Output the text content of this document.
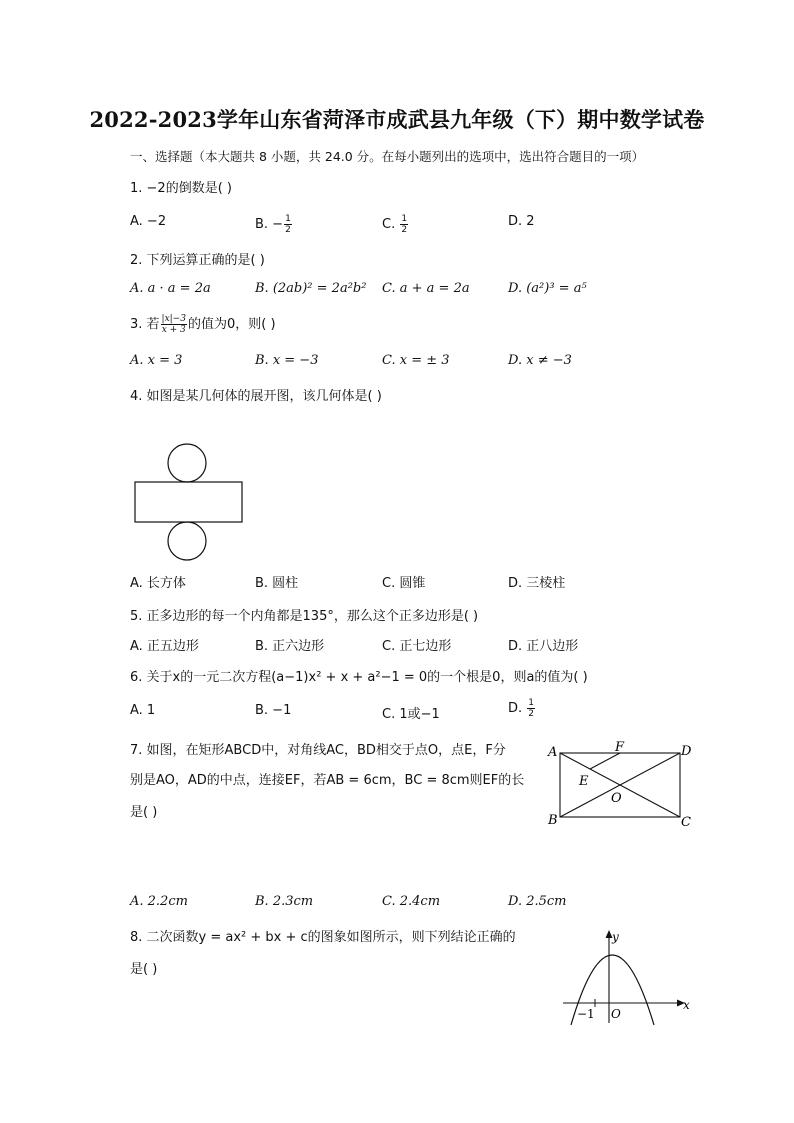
2022-2023学年山东省菏泽市成武县九年级（下）期中数学试卷
一、选择题（本大题共 8 小题，共 24.0 分。在每小题列出的选项中，选出符合题目的一项）
1. −2的倒数是( )
A. −2	B. − $\frac{1}{2}$	C. $\frac{1}{2}$	D. 2
2. 下列运算正确的是( )
A. a · a = 2a	B. (2ab)² = 2a²b² C. a + a = 2a	D. (a²)³ = a⁵
3. 若 $\frac{|x|-3}{x + 3}$ 的值为0，则( )
A. x = 3	B. x = −3	C. x = ± 3	D. x ≠ −3
4. 如图是某几何体的展开图，该几何体是( )
A. 长方体	B. 圆柱	C. 圆锥	D. 三棱柱
5. 正多边形的每一个内角都是135°，那么这个正多边形是( )
A. 正五边形	B. 正六边形	C. 正七边形	D. 正八边形
6. 关于x的一元二次方程(a−1)x² + x + a²−1 = 0的一个根是0，则a的值为( )
A. 1	B. −1	C. 1或−1	D. $\frac{1}{2}$
7. 如图，在矩形ABCD中，对角线AC，BD相交于点O，点E，F分
别是AO，AD的中点，连接EF，若AB = 6cm，BC = 8cm则EF的长
是( )
A
B	C
D
E
F
O
A. 2.2cm	B. 2.3cm	C. 2.4cm	D. 2.5cm
8. 二次函数y = ax² + bx + c的图象如图所示，则下列结论正确的
是( )
x
y
O
−1
